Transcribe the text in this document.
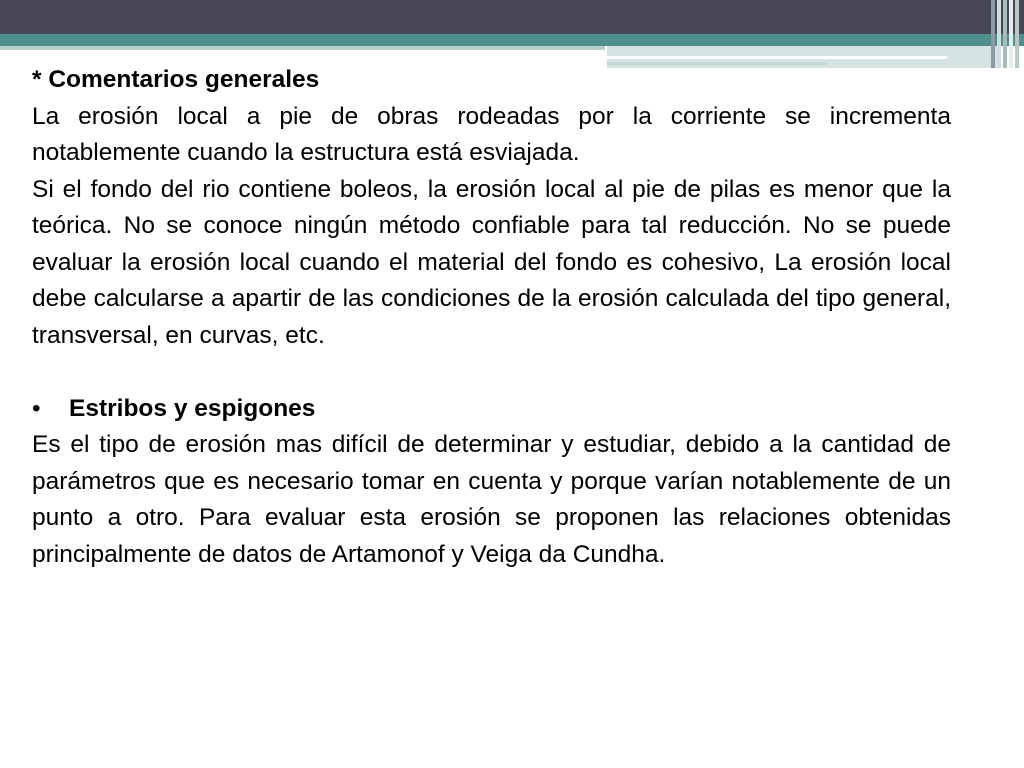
* Comentarios generales

La erosión local a pie de obras rodeadas por la corriente se incrementa notablemente cuando la estructura está esviajada.

Si el fondo del rio contiene boleos, la erosión local al pie de pilas es menor que la teórica. No se conoce ningún método confiable para tal reducción. No se puede evaluar la erosión local cuando el material del fondo es cohesivo, La erosión local debe calcularse a apartir de las condiciones de la erosión calculada del tipo general, transversal, en curvas, etc.

•	Estribos y espigones

Es el tipo de erosión mas difícil de determinar y estudiar, debido a la cantidad de parámetros que es necesario tomar en cuenta y porque varían notablemente de un punto a otro. Para evaluar esta erosión se proponen las relaciones obtenidas principalmente de datos de Artamonof y Veiga da Cundha.
